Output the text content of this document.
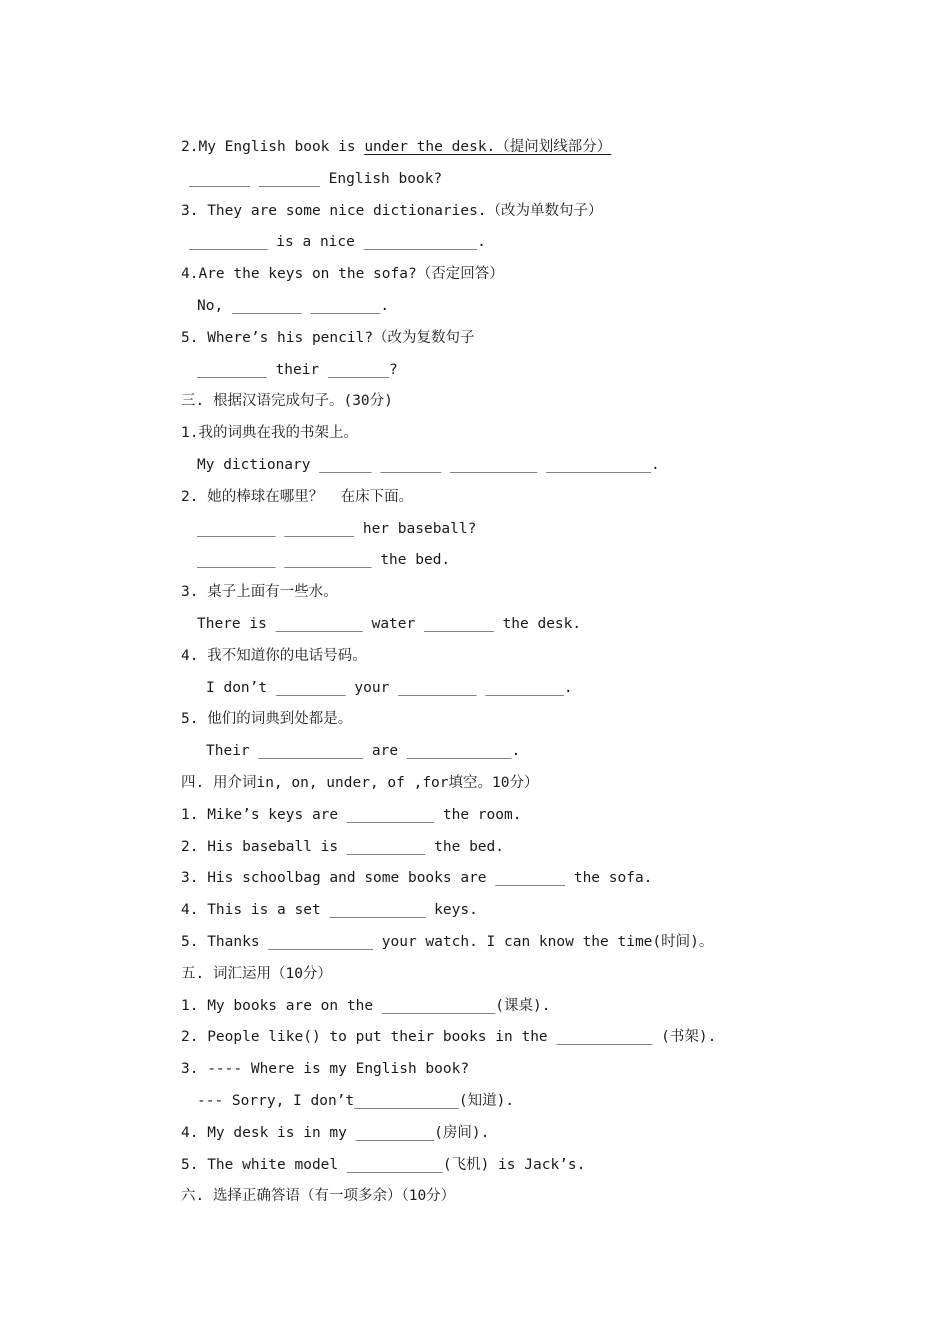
2.My English book is under the desk.（提问划线部分）
_______ _______ English book?
3. They are some nice dictionaries.（改为单数句子）
_________ is a nice _____________.
4.Are the keys on the sofa?（否定回答）
No, ________ ________.
5. Where’s his pencil?（改为复数句子
________ their _______?
三. 根据汉语完成句子。(30分)
1.我的词典在我的书架上。
My dictionary ______ _______ __________ ____________.
2. 她的棒球在哪里？  在床下面。
_________ ________ her baseball?
_________ __________ the bed.
3. 桌子上面有一些水。
There is __________ water ________ the desk.
4. 我不知道你的电话号码。
I don’t ________ your _________ _________.
5. 他们的词典到处都是。
Their ____________ are ____________.
四. 用介词in, on, under, of ,for填空。10分）
1. Mike’s keys are __________ the room.
2. His baseball is _________ the bed.
3. His schoolbag and some books are ________ the sofa.
4. This is a set ___________ keys.
5. Thanks ____________ your watch. I can know the time(时间)。
五. 词汇运用（10分）
1. My books are on the _____________(课桌).
2. People like() to put their books in the ___________ (书架).
3. ---- Where is my English book?
--- Sorry, I don’t____________(知道).
4. My desk is in my _________(房间).
5. The white model ___________(飞机) is Jack’s.
六. 选择正确答语（有一项多余）（10分）
